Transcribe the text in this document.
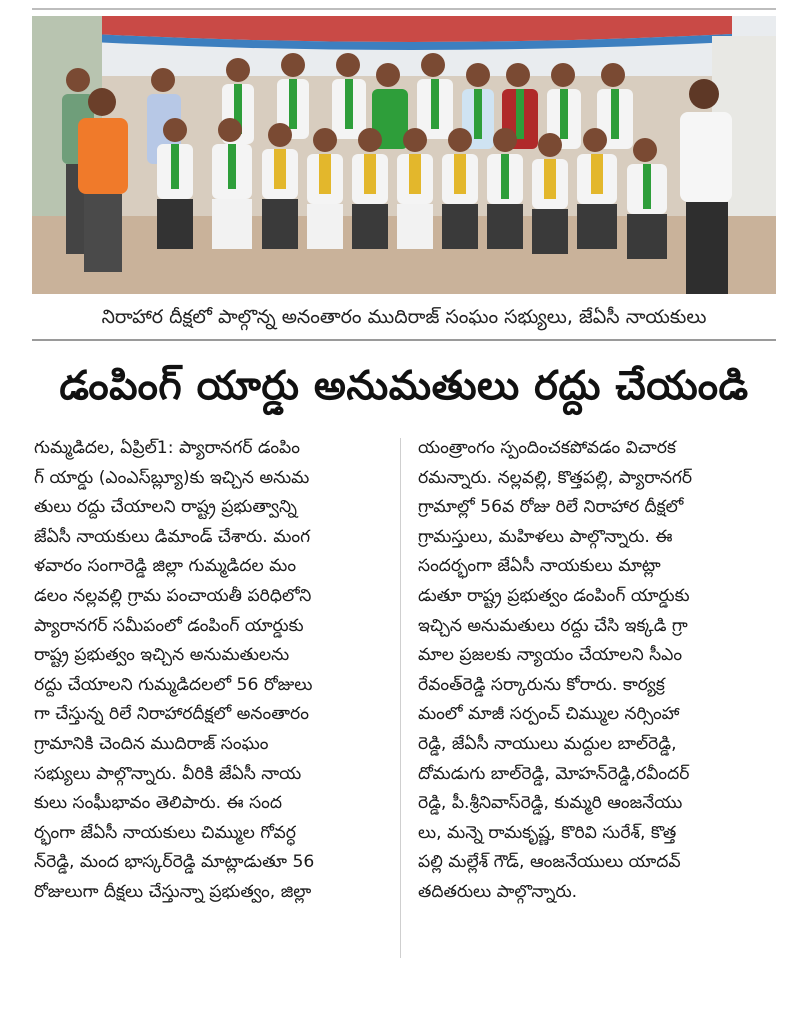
నిరాహార దీక్షలో పాల్గొన్న అనంతారం ముదిరాజ్ సంఘం సభ్యులు, జేఏసీ నాయకులు
డంపింగ్ యార్డు అనుమతులు రద్దు చేయండి
గుమ్మడిదల, ఏప్రిల్1: ప్యారానగర్ డంపిం
గ్ యార్డు (ఎంఎస్‌బ్ల్యూ)కు ఇచ్చిన అనుమ
తులు రద్దు చేయాలని రాష్ట్ర ప్రభుత్వాన్ని
జేఏసీ నాయకులు డిమాండ్ చేశారు. మంగ
ళవారం సంగారెడ్డి జిల్లా గుమ్మడిదల మం
డలం నల్లవల్లి గ్రామ పంచాయతీ పరిధిలోని
ప్యారానగర్ సమీపంలో డంపింగ్ యార్డుకు
రాష్ట్ర ప్రభుత్వం ఇచ్చిన అనుమతులను
రద్దు చేయాలని గుమ్మడిదలలో 56 రోజులు
గా చేస్తున్న రిలే నిరాహారదీక్షలో అనంతారం
గ్రామానికి చెందిన ముదిరాజ్ సంఘం
సభ్యులు పాల్గొన్నారు. వీరికి జేఏసీ నాయ
కులు సంఘీభావం తెలిపారు. ఈ సంద
ర్భంగా జేఏసీ నాయకులు చిమ్ముల గోవర్ధ
న్‌రెడ్డి, మంద భాస్కర్‌రెడ్డి మాట్లాడుతూ 56
రోజులుగా దీక్షలు చేస్తున్నా ప్రభుత్వం, జిల్లా
యంత్రాంగం స్పందించకపోవడం విచారక
రమన్నారు. నల్లవల్లి, కొత్తపల్లి, ప్యారానగర్
గ్రామాల్లో 56వ రోజు రిలే నిరాహార దీక్షలో
గ్రామస్తులు, మహిళలు పాల్గొన్నారు. ఈ
సందర్భంగా జేఏసీ నాయకులు మాట్లా
డుతూ రాష్ట్ర ప్రభుత్వం డంపింగ్ యార్డుకు
ఇచ్చిన అనుమతులు రద్దు చేసి ఇక్కడి గ్రా
మాల ప్రజలకు న్యాయం చేయాలని సీఎం
రేవంత్‌రెడ్డి సర్కారును కోరారు. కార్యక్ర
మంలో మాజీ సర్పంచ్ చిమ్ముల నర్సింహా
రెడ్డి, జేఏసీ నాయులు మద్దుల బాల్‌రెడ్డి,
దోమడుగు బాల్‌రెడ్డి, మోహన్‌రెడ్డి,రవీందర్
రెడ్డి, పీ.శ్రీనివాస్‌రెడ్డి, కుమ్మరి ఆంజనేయు
లు, మన్నె రామకృష్ణ, కొరివి సురేశ్, కొత్త
పల్లి మల్లేశ్ గౌడ్, ఆంజనేయులు యాదవ్
తదితరులు పాల్గొన్నారు.
